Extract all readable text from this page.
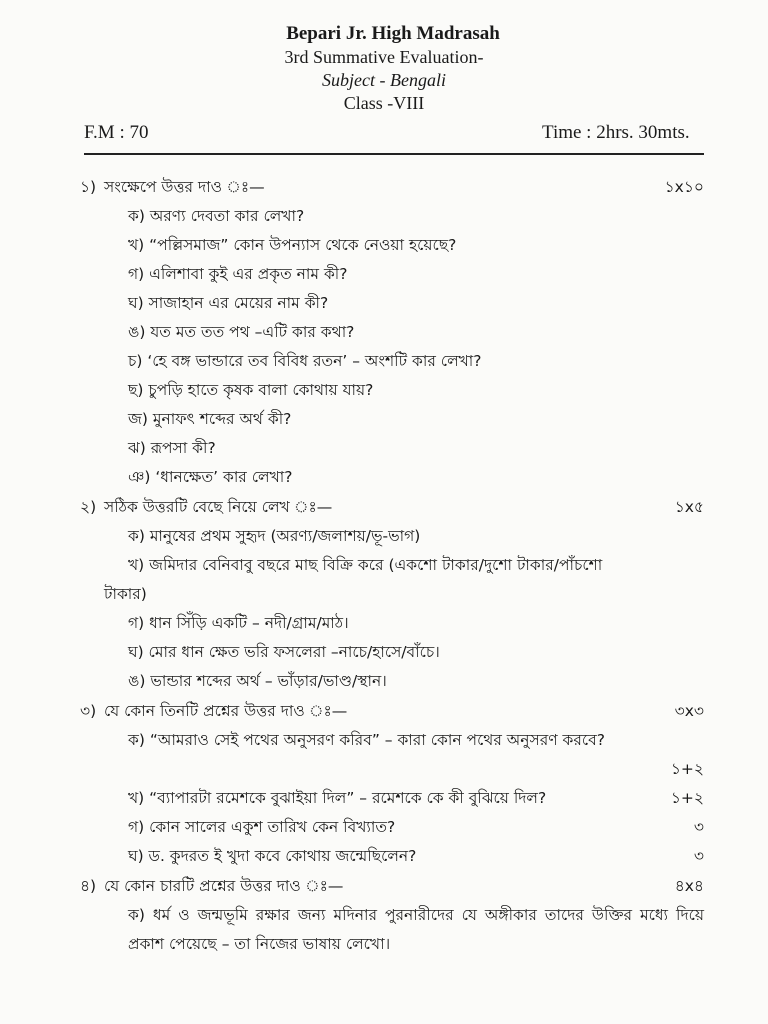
Bepari Jr. High Madrasah
3rd Summative Evaluation-
Subject - Bengali
Class -VIII
F.M : 70	Time : 2hrs. 30mts.
১) সংক্ষেপে উত্তর দাও ঃ—	১x১০
ক) অরণ্য দেবতা কার লেখা?
খ) “পল্লিসমাজ” কোন উপন্যাস থেকে নেওয়া হয়েছে?
গ) এলিশাবা কুই এর প্রকৃত নাম কী?
ঘ) সাজাহান এর মেয়ের নাম কী?
ঙ) যত মত তত পথ –এটি কার কথা?
চ) ‘হে বঙ্গ ভান্ডারে তব বিবিধ রতন’ – অংশটি কার লেখা?
ছ) চুপড়ি হাতে কৃষক বালা কোথায় যায়?
জ) মুনাফৎ শব্দের অর্থ কী?
ঝ) রূপসা কী?
ঞ) ‘ধানক্ষেত’ কার লেখা?
২) সঠিক উত্তরটি বেছে নিয়ে লেখ ঃ—	১x৫
ক) মানুষের প্রথম সুহৃদ (অরণ্য/জলাশয়/ভূ-ভাগ)
খ) জমিদার বেনিবাবু বছরে মাছ বিক্রি করে (একশো টাকার/দুশো টাকার/পাঁচশো
টাকার)
গ) ধান সিঁড়ি একটি – নদী/গ্রাম/মাঠ।
ঘ) মোর ধান ক্ষেত ভরি ফসলেরা –নাচে/হাসে/বাঁচে।
ঙ) ভান্ডার শব্দের অর্থ – ভাঁড়ার/ভাণ্ড/স্থান।
৩) যে কোন তিনটি প্রশ্নের উত্তর দাও ঃ—	৩x৩
ক) “আমরাও সেই পথের অনুসরণ করিব” – কারা কোন পথের অনুসরণ করবে?
১+২
খ) “ব্যাপারটা রমেশকে বুঝাইয়া দিল” – রমেশকে কে কী বুঝিয়ে দিল?	১+২
গ) কোন সালের একুশ তারিখ কেন বিখ্যাত?	৩
ঘ) ড. কুদরত ই খুদা কবে কোথায় জন্মেছিলেন?	৩
৪) যে কোন চারটি প্রশ্নের উত্তর দাও ঃ—	৪x৪
ক) ধর্ম ও জন্মভূমি রক্ষার জন্য মদিনার পুরনারীদের যে অঙ্গীকার তাদের উক্তির মধ্যে দিয়ে প্রকাশ পেয়েছে – তা নিজের ভাষায় লেখো।
